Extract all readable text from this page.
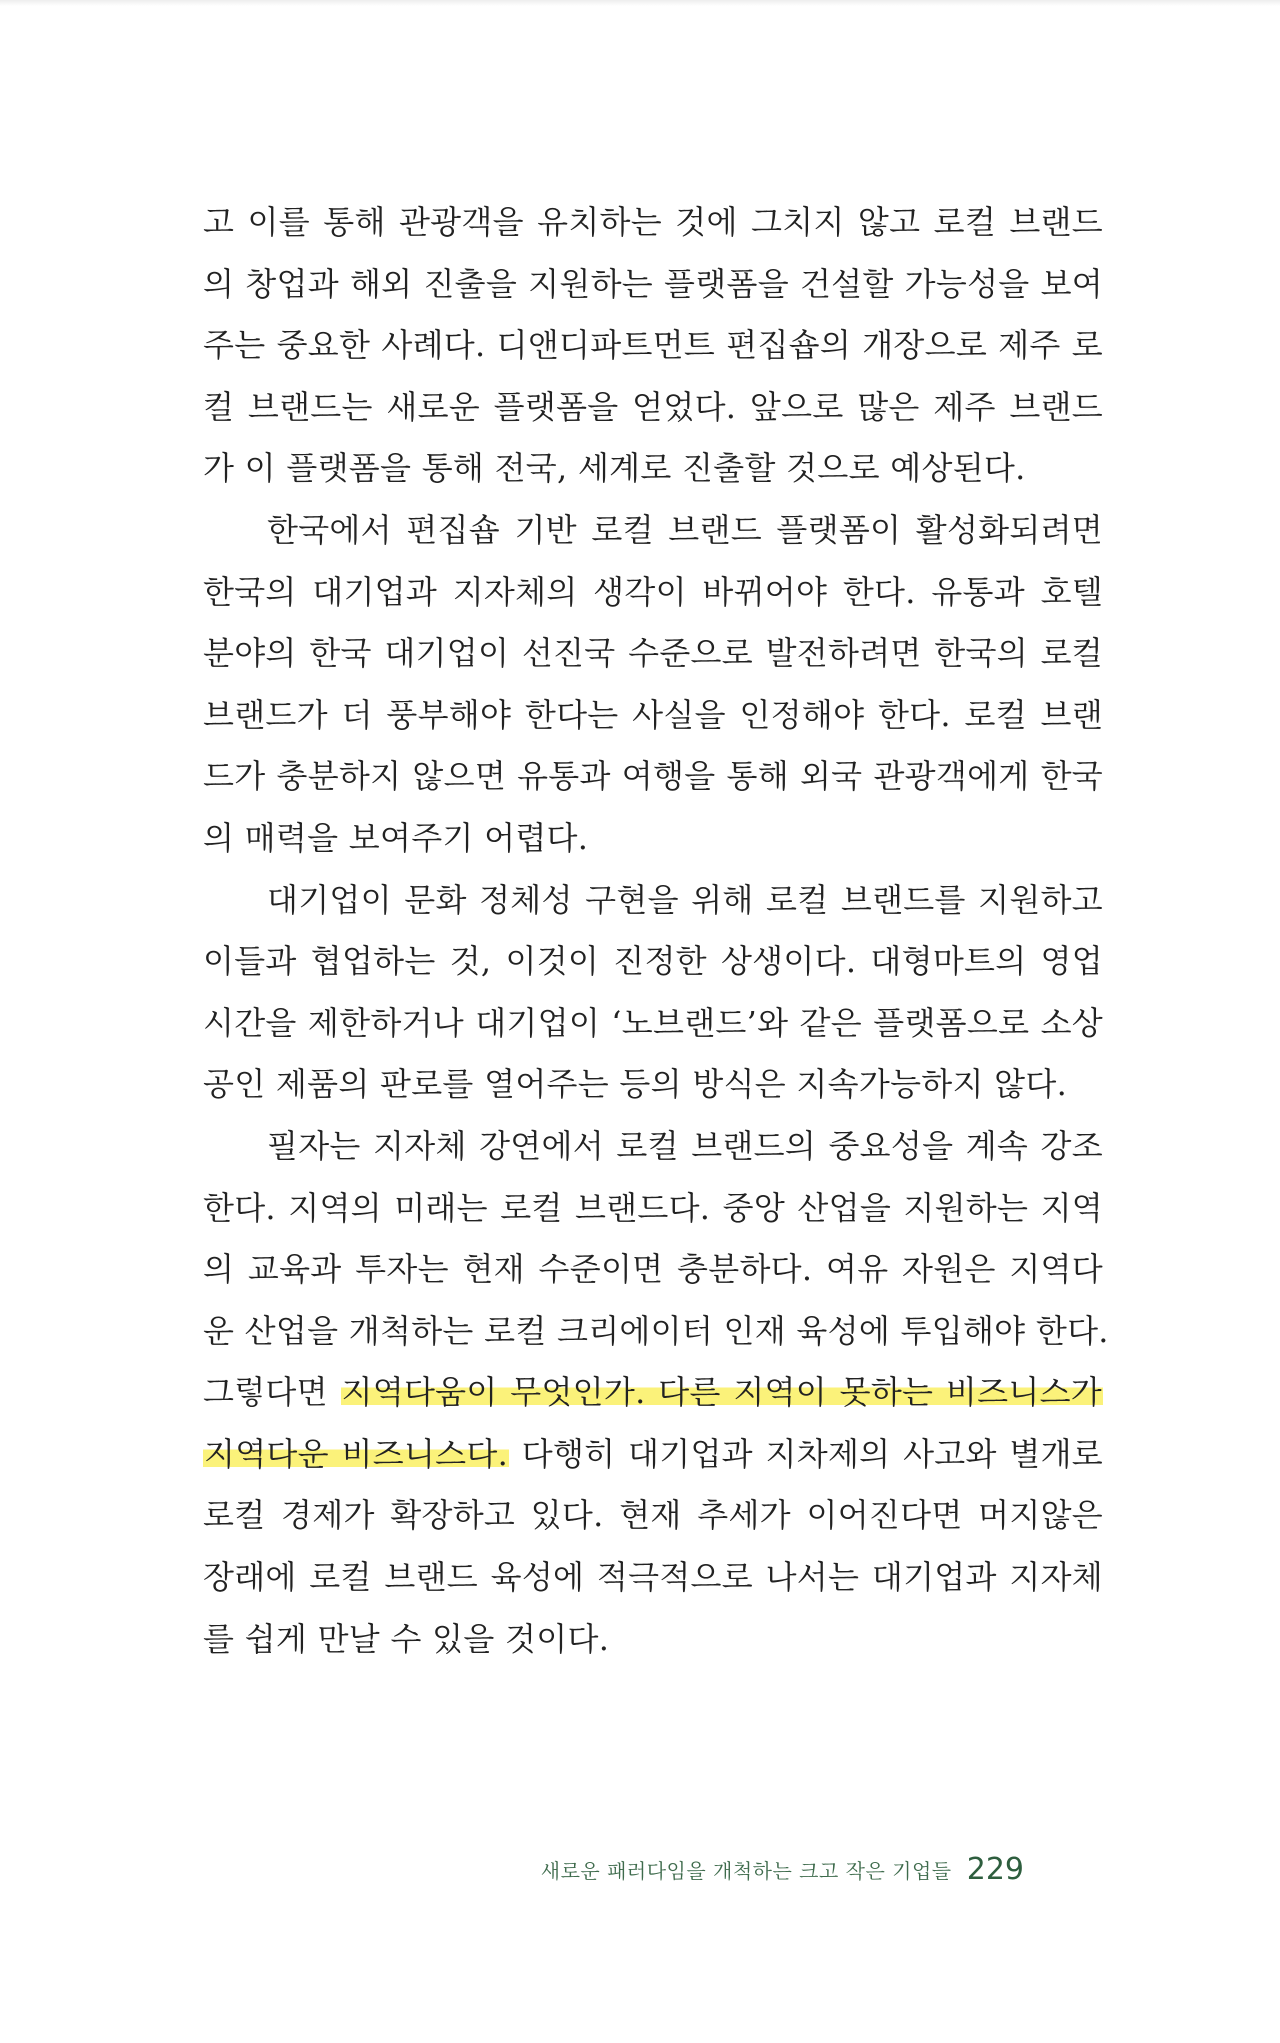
고 이를 통해 관광객을 유치하는 것에 그치지 않고 로컬 브랜드
의 창업과 해외 진출을 지원하는 플랫폼을 건설할 가능성을 보여
주는 중요한 사례다. 디앤디파트먼트 편집숍의 개장으로 제주 로
컬 브랜드는 새로운 플랫폼을 얻었다. 앞으로 많은 제주 브랜드
가 이 플랫폼을 통해 전국, 세계로 진출할 것으로 예상된다.
한국에서 편집숍 기반 로컬 브랜드 플랫폼이 활성화되려면
한국의 대기업과 지자체의 생각이 바뀌어야 한다. 유통과 호텔
분야의 한국 대기업이 선진국 수준으로 발전하려면 한국의 로컬
브랜드가 더 풍부해야 한다는 사실을 인정해야 한다. 로컬 브랜
드가 충분하지 않으면 유통과 여행을 통해 외국 관광객에게 한국
의 매력을 보여주기 어렵다.
대기업이 문화 정체성 구현을 위해 로컬 브랜드를 지원하고
이들과 협업하는 것, 이것이 진정한 상생이다. 대형마트의 영업
시간을 제한하거나 대기업이 ‘노브랜드’와 같은 플랫폼으로 소상
공인 제품의 판로를 열어주는 등의 방식은 지속가능하지 않다.
필자는 지자체 강연에서 로컬 브랜드의 중요성을 계속 강조
한다. 지역의 미래는 로컬 브랜드다. 중앙 산업을 지원하는 지역
의 교육과 투자는 현재 수준이면 충분하다. 여유 자원은 지역다
운 산업을 개척하는 로컬 크리에이터 인재 육성에 투입해야 한다.
그렇다면 지역다움이 무엇인가. 다른 지역이 못하는 비즈니스가
지역다운 비즈니스다. 다행히 대기업과 지차제의 사고와 별개로
로컬 경제가 확장하고 있다. 현재 추세가 이어진다면 머지않은
장래에 로컬 브랜드 육성에 적극적으로 나서는 대기업과 지자체
를 쉽게 만날 수 있을 것이다.
새로운 패러다임을 개척하는 크고 작은 기업들 229
